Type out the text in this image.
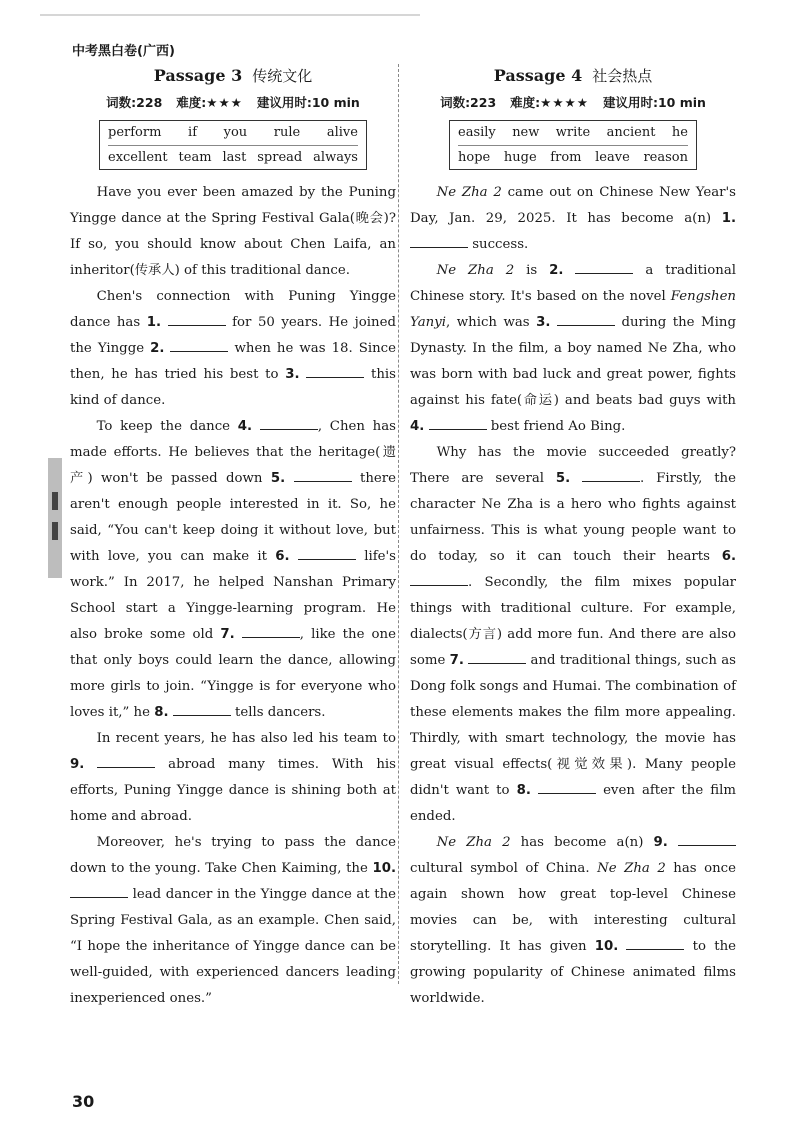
中考黑白卷(广西)
Passage 3 传统文化
词数:228 难度:★★★ 建议用时:10 min
perform if you rule alive
excellent team last spread always

Have you ever been amazed by the Puning Yingge dance at the Spring Festival Gala(晚会)? If so, you should know about Chen Laifa, an inheritor(传承人) of this traditional dance.

Chen's connection with Puning Yingge dance has 1.	for 50 years. He joined the Yingge 2.	when he was 18. Since then, he has tried his best to 3.	this kind of dance.

To keep the dance 4.	, Chen has made efforts. He believes that the heritage(遗产) won't be passed down 5.	there aren't enough people interested in it. So, he said, “You can't keep doing it without love, but with love, you can make it 6.	life's work.” In 2017, he helped Nanshan Primary School start a Yingge-learning program. He also broke some old 7.	, like the one that only boys could learn the dance, allowing more girls to join. “Yingge is for everyone who loves it,” he 8.	tells dancers.

In recent years, he has also led his team to 9.	abroad many times. With his efforts, Puning Yingge dance is shining both at home and abroad.

Moreover, he's trying to pass the dance down to the young. Take Chen Kaiming, the 10.  lead dancer in the Yingge dance at the Spring Festival Gala, as an example. Chen said, “I hope the inheritance of Yingge dance can be well-guided, with experienced dancers leading inexperienced ones.”

Passage 4 社会热点
词数:223 难度:★★★★ 建议用时:10 min
easily new write ancient he
hope huge from leave reason

Ne Zha 2 came out on Chinese New Year's Day, Jan. 29, 2025. It has become a(n) 1.  success.

Ne Zha 2 is 2.	a traditional Chinese story. It's based on the novel Fengshen Yanyi, which was 3.	during the Ming Dynasty. In the film, a boy named Ne Zha, who was born with bad luck and great power, fights against his fate(命运) and beats bad guys with 4.	best friend Ao Bing.

Why has the movie succeeded greatly? There are several 5.	. Firstly, the character Ne Zha is a hero who fights against unfairness. This is what young people want to do today, so it can touch their hearts 6. . Secondly, the film mixes popular things with traditional culture. For example, dialects(方言) add more fun. And there are also some 7.	and traditional things, such as Dong folk songs and Humai. The combination of these elements makes the film more appealing. Thirdly, with smart technology, the movie has great visual effects(视觉效果). Many people didn't want to 8.	even after the film ended.

Ne Zha 2 has become a(n) 9.  cultural symbol of China. Ne Zha 2 has once again shown how great top-level Chinese movies can be, with interesting cultural storytelling. It has given 10.	to the growing popularity of Chinese animated films worldwide.

30
